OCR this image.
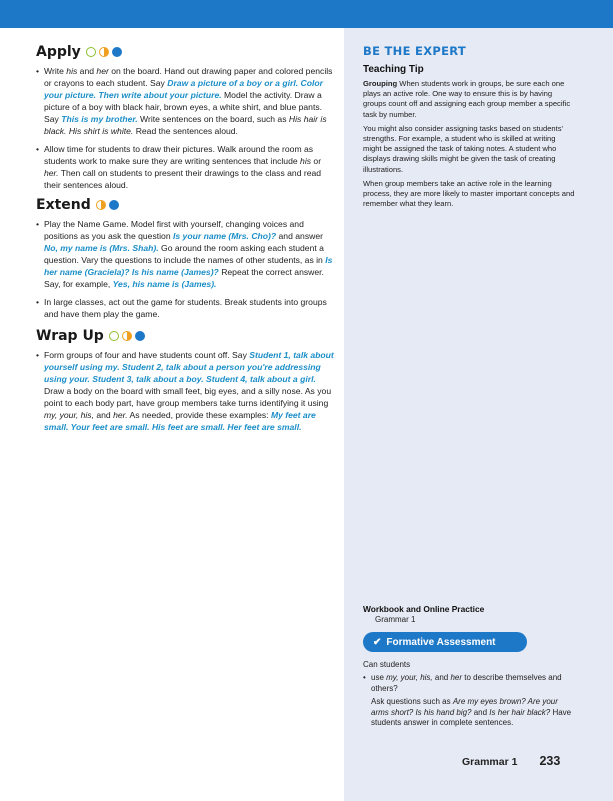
Apply
• Write his and her on the board. Hand out drawing paper and colored pencils or crayons to each student. Say Draw a picture of a boy or a girl. Color your picture. Then write about your picture. Model the activity. Draw a picture of a boy with black hair, brown eyes, a white shirt, and blue pants. Say This is my brother. Write sentences on the board, such as His hair is black. His shirt is white. Read the sentences aloud.
• Allow time for students to draw their pictures. Walk around the room as students work to make sure they are writing sentences that include his or her. Then call on students to present their drawings to the class and read their sentences aloud.
Extend
• Play the Name Game. Model first with yourself, changing voices and positions as you ask the question Is your name (Mrs. Cho)? and answer No, my name is (Mrs. Shah). Go around the room asking each student a question. Vary the questions to include the names of other students, as in Is her name (Graciela)? Is his name (James)? Repeat the correct answer. Say, for example, Yes, his name is (James).
• In large classes, act out the game for students. Break students into groups and have them play the game.
Wrap Up
• Form groups of four and have students count off. Say Student 1, talk about yourself using my. Student 2, talk about a person you're addressing using your. Student 3, talk about a boy. Student 4, talk about a girl. Draw a body on the board with small feet, big eyes, and a silly nose. As you point to each body part, have group members take turns identifying it using my, your, his, and her. As needed, provide these examples: My feet are small. Your feet are small. His feet are small. Her feet are small.
BE THE EXPERT
Teaching Tip

Grouping When students work in groups, be sure each one plays an active role. One way to ensure this is by having groups count off and assigning each group member a specific task by number.

You might also consider assigning tasks based on students' strengths. For example, a student who is skilled at writing might be assigned the task of taking notes. A student who displays drawing skills might be given the task of creating illustrations.

When group members take an active role in the learning process, they are more likely to master important concepts and remember what they learn.

Workbook and Online Practice
Grammar 1
✔ Formative Assessment
Can students
• use my, your, his, and her to describe themselves and others?

Ask questions such as Are my eyes brown? Are your arms short? Is his hand big? and Is her hair black? Have students answer in complete sentences.

Grammar 1 233
